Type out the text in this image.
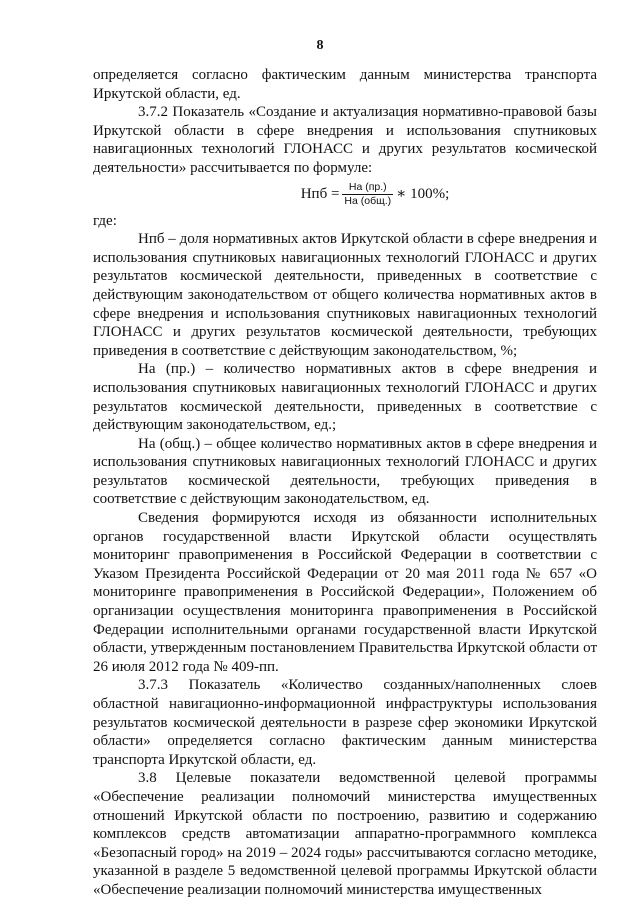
8

определяется согласно фактическим данным министерства транспорта Иркутской области, ед.

3.7.2 Показатель «Создание и актуализация нормативно-правовой базы Иркутской области в сфере внедрения и использования спутниковых навигационных технологий ГЛОНАСС и других результатов космической деятельности» рассчитывается по формуле:

Нпб = $\frac{На (пр.)}{\text{На (общ.)}}$ ∗ 100%;

где:

Нпб – доля нормативных актов Иркутской области в сфере внедрения и использования спутниковых навигационных технологий ГЛОНАСС и других результатов космической деятельности, приведенных в соответствие с действующим законодательством от общего количества нормативных актов в сфере внедрения и использования спутниковых навигационных технологий ГЛОНАСС и других результатов космической деятельности, требующих приведения в соответствие с действующим законодательством, %;

На (пр.) – количество нормативных актов в сфере внедрения и использования спутниковых навигационных технологий ГЛОНАСС и других результатов космической деятельности, приведенных в соответствие с действующим законодательством, ед.;

На (общ.) – общее количество нормативных актов в сфере внедрения и использования спутниковых навигационных технологий ГЛОНАСС и других результатов космической деятельности, требующих приведения в соответствие с действующим законодательством, ед.

Сведения формируются исходя из обязанности исполнительных органов государственной власти Иркутской области осуществлять мониторинг правоприменения в Российской Федерации в соответствии с Указом Президента Российской Федерации от 20 мая 2011 года № 657 «О мониторинге правоприменения в Российской Федерации», Положением об организации осуществления мониторинга правоприменения в Российской Федерации исполнительными органами государственной власти Иркутской области, утвержденным постановлением Правительства Иркутской области от 26 июля 2012 года № 409-пп.

3.7.3 Показатель «Количество созданных/наполненных слоев областной навигационно-информационной инфраструктуры использования результатов космической деятельности в разрезе сфер экономики Иркутской области» определяется согласно фактическим данным министерства транспорта Иркутской области, ед.

3.8 Целевые показатели ведомственной целевой программы «Обеспечение реализации полномочий министерства имущественных отношений Иркутской области по построению, развитию и содержанию комплексов средств автоматизации аппаратно-программного комплекса «Безопасный город» на 2019 – 2024 годы» рассчитываются согласно методике, указанной в разделе 5 ведомственной целевой программы Иркутской области «Обеспечение реализации полномочий министерства имущественных
